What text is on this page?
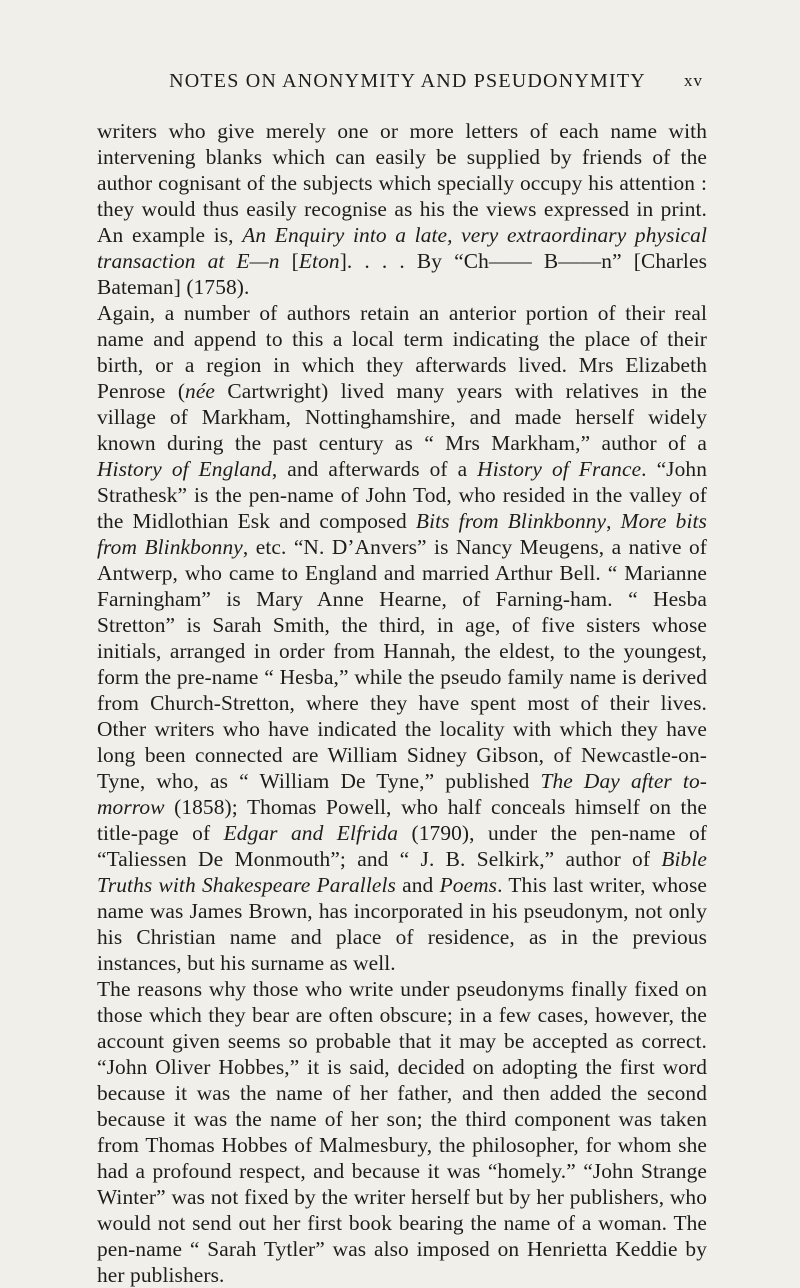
NOTES ON ANONYMITY AND PSEUDONYMITY	xv

writers who give merely one or more letters of each name with intervening blanks which can easily be supplied by friends of the author cognisant of the subjects which specially occupy his attention : they would thus easily recognise as his the views expressed in print. An example is, An Enquiry into a late, very extraordinary physical transaction at E—n [Eton]. . . . By “Ch—— B——n” [Charles Bateman] (1758).

Again, a number of authors retain an anterior portion of their real name and append to this a local term indicating the place of their birth, or a region in which they afterwards lived. Mrs Elizabeth Penrose (née Cartwright) lived many years with relatives in the village of Markham, Nottinghamshire, and made herself widely known during the past century as “ Mrs Markham,” author of a History of England, and afterwards of a History of France. “John Strathesk” is the pen-name of John Tod, who resided in the valley of the Midlothian Esk and composed Bits from Blinkbonny, More bits from Blinkbonny, etc. “N. D’Anvers” is Nancy Meugens, a native of Antwerp, who came to England and married Arthur Bell. “ Marianne Farningham” is Mary Anne Hearne, of Farning-ham. “ Hesba Stretton” is Sarah Smith, the third, in age, of five sisters whose initials, arranged in order from Hannah, the eldest, to the youngest, form the pre-name “ Hesba,” while the pseudo family name is derived from Church-Stretton, where they have spent most of their lives. Other writers who have indicated the locality with which they have long been connected are William Sidney Gibson, of Newcastle-on-Tyne, who, as “ William De Tyne,” published The Day after to-morrow (1858); Thomas Powell, who half conceals himself on the title-page of Edgar and Elfrida (1790), under the pen-name of “Taliessen De Monmouth”; and “ J. B. Selkirk,” author of Bible Truths with Shakespeare Parallels and Poems. This last writer, whose name was James Brown, has incorporated in his pseudonym, not only his Christian name and place of residence, as in the previous instances, but his surname as well.

The reasons why those who write under pseudonyms finally fixed on those which they bear are often obscure; in a few cases, however, the account given seems so probable that it may be accepted as correct. “John Oliver Hobbes,” it is said, decided on adopting the first word because it was the name of her father, and then added the second because it was the name of her son; the third component was taken from Thomas Hobbes of Malmesbury, the philosopher, for whom she had a profound respect, and because it was “homely.” “John Strange Winter” was not fixed by the writer herself but by her publishers, who would not send out her first book bearing the name of a woman. The pen-name “ Sarah Tytler” was also imposed on Henrietta Keddie by her publishers.
